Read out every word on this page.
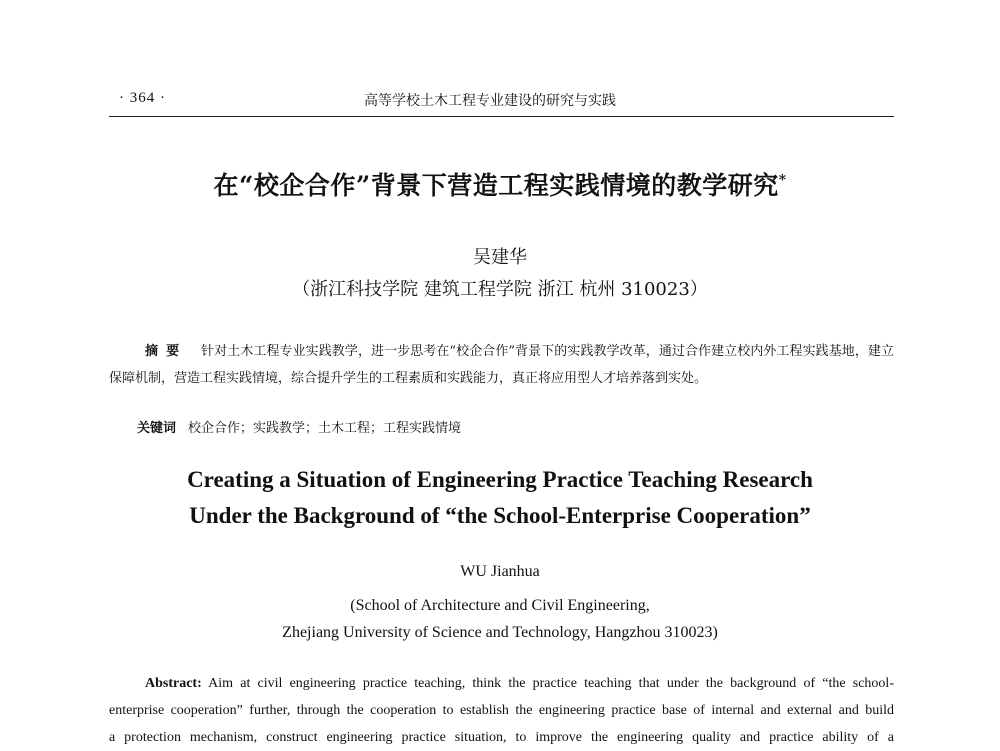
· 364 ·	高等学校土木工程专业建设的研究与实践
在“校企合作”背景下营造工程实践情境的教学研究*
吴建华
（浙江科技学院 建筑工程学院 浙江 杭州 310023）
摘要 针对土木工程专业实践教学，进一步思考在“校企合作”背景下的实践教学改革，通过合作建立校内外工程实践基地，建立保障机制，营造工程实践情境，综合提升学生的工程素质和实践能力，真正将应用型人才培养落到实处。
关键词 校企合作；实践教学；土木工程；工程实践情境
Creating a Situation of Engineering Practice Teaching Research
Under the Background of “the School-Enterprise Cooperation”
WU Jianhua
(School of Architecture and Civil Engineering,
Zhejiang University of Science and Technology, Hangzhou 310023)
Abstract: Aim at civil engineering practice teaching, think the practice teaching that under the background of “the school-
enterprise cooperation” further, through the cooperation to establish the engineering practice base of internal and external and build
a protection mechanism, construct engineering practice situation, to improve the engineering quality and practice ability of a
